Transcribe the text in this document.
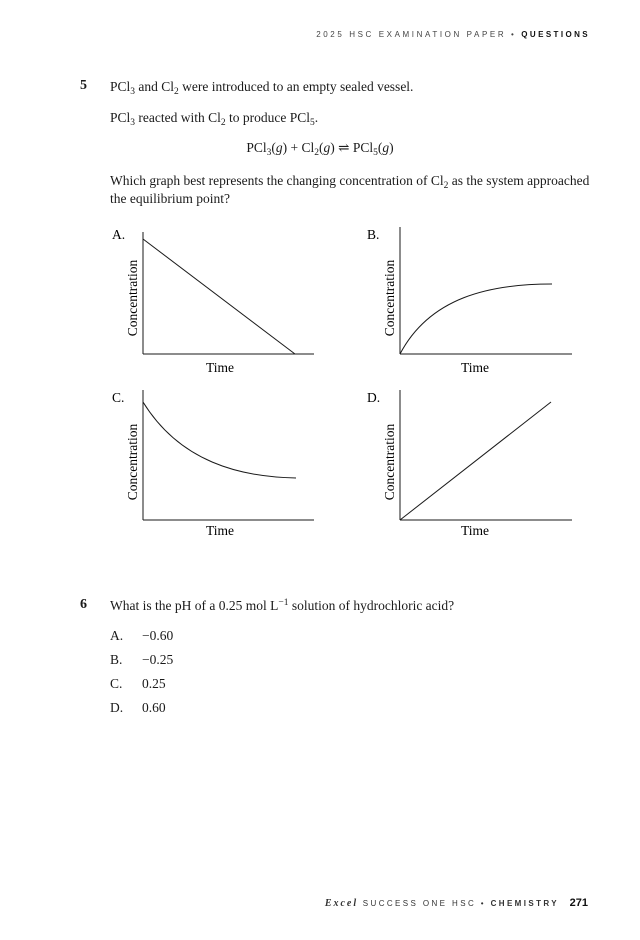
2025 HSC EXAMINATION PAPER • QUESTIONS
5 PCl$_3$ and $Cl_2$ were introduced to an empty sealed vessel.
PCl$_3$ reacted with $Cl_2$ to produce PCl$_5$.
$PCl_3(g) + Cl_2(g)$ ⇌ PCl$_5$(g)
Which graph best represents the changing concentration of $Cl_2$ as the system approached
the equilibrium point?
A.
Time
Concentration
B.
Time
Concentration
C.
Time
Concentration
D.
Time
Concentration
6 What is the pH of a 0.25 mol $L^{-1}$ solution of hydrochloric acid?
A. −0.60
B. −0.25
C. 0.25
D. 0.60
Excel SUCCESS ONE HSC • CHEMISTRY 271
